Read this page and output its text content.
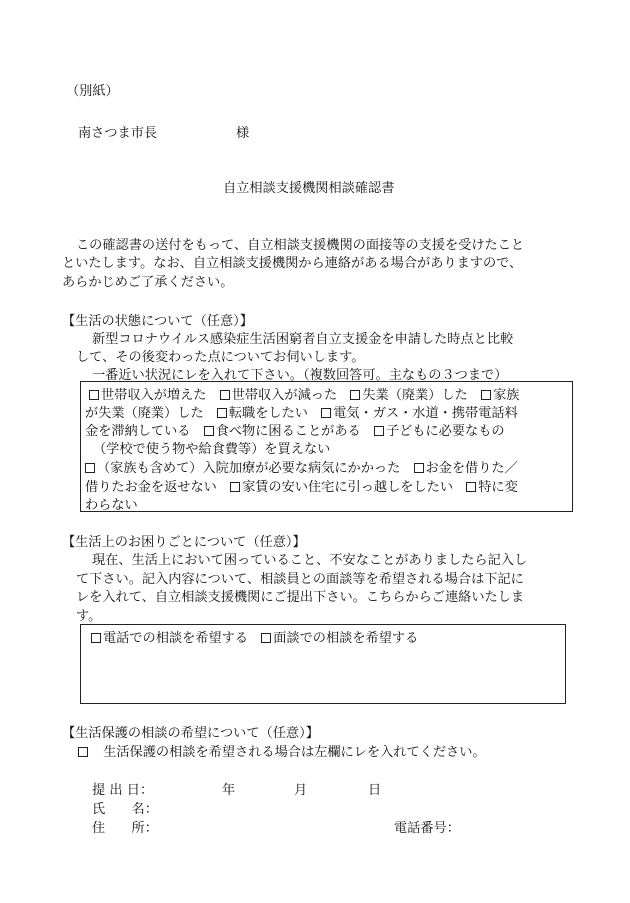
（別紙）
南さつま市長	様
自立相談支援機関相談確認書
この確認書の送付をもって、自立相談支援機関の面接等の支援を受けたこと
といたします。なお、自立相談支援機関から連絡がある場合がありますので、
あらかじめご了承ください。
【生活の状態について（任意）】
新型コロナウイルス感染症生活困窮者自立支援金を申請した時点と比較
して、その後変わった点についてお伺いします。
一番近い状況にレを入れて下さい。（複数回答可。主なもの３つまで）
世帯収入が増えた　 世帯収入が減った　 失業（廃業）した　 家族
が失業（廃業）した　 転職をしたい　 電気・ガス・水道・携帯電話料
金を滞納している　 食べ物に困ることがある　 子どもに必要なもの
（学校で使う物や給食費等）を買えない
（家族も含めて）入院加療が必要な病気にかかった　 お金を借りた／
借りたお金を返せない　 家賃の安い住宅に引っ越しをしたい　 特に変
わらない
【生活上のお困りごとについて（任意）】
現在、生活上において困っていること、不安なことがありましたら記入し
て下さい。記入内容について、相談員との面談等を希望される場合は下記に
レを入れて、自立相談支援機関にご提出下さい。こちらからご連絡いたしま
す。
電話での相談を希望する　 面談での相談を希望する
【生活保護の相談の希望について（任意）】
　生活保護の相談を希望される場合は左欄にレを入れてください。
提 出 日：	年	月	日
氏　　名：
住　　所：	電話番号：
